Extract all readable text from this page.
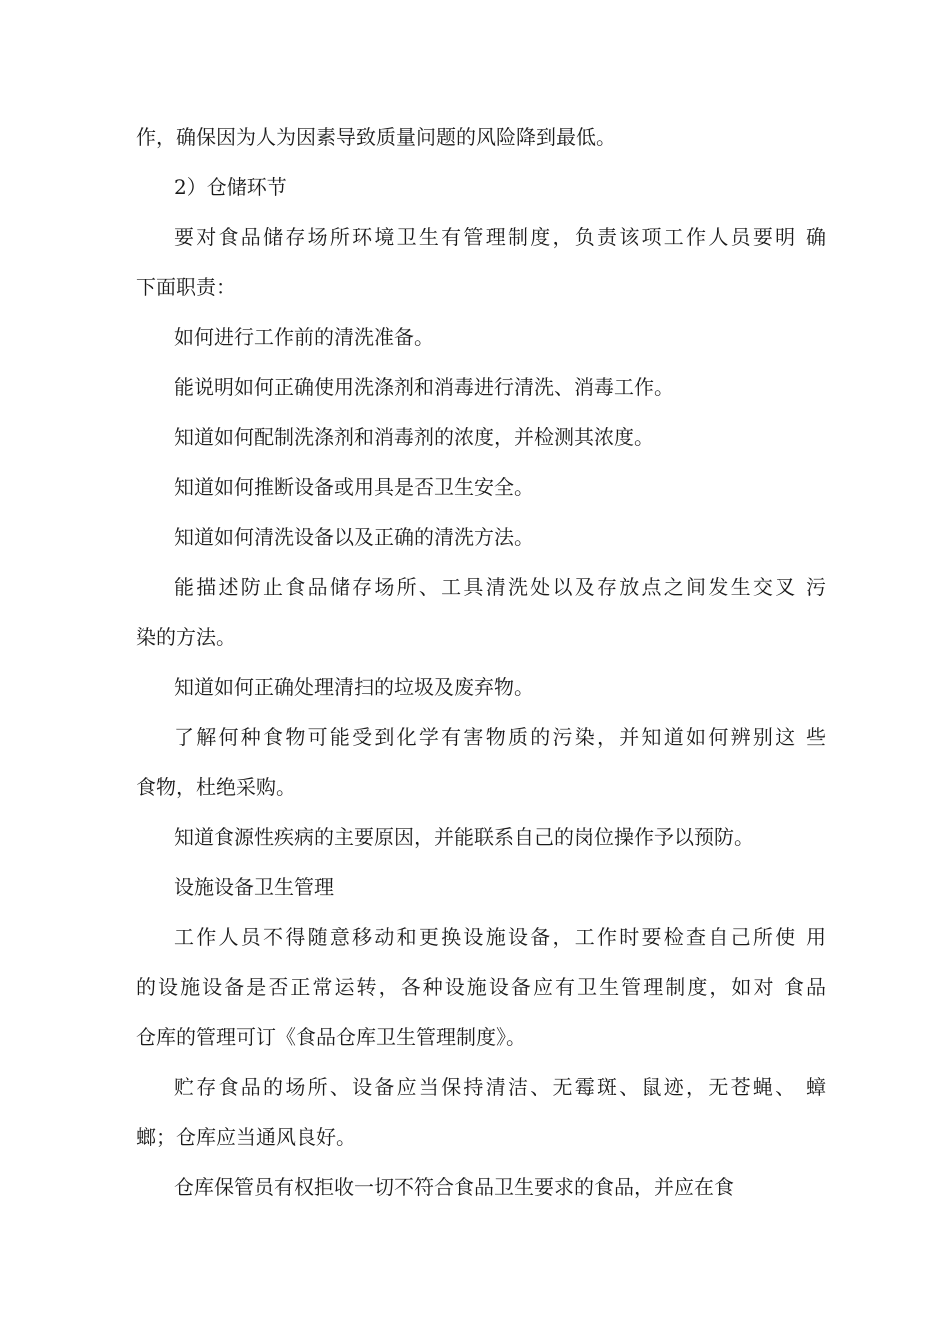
作，确保因为人为因素导致质量问题的风险降到最低。
2）仓储环节
要对食品储存场所环境卫生有管理制度，负责该项工作人员要明 确
下面职责：
如何进行工作前的清洗准备。
能说明如何正确使用洗涤剂和消毒进行清洗、消毒工作。
知道如何配制洗涤剂和消毒剂的浓度，并检测其浓度。
知道如何推断设备或用具是否卫生安全。
知道如何清洗设备以及正确的清洗方法。
能描述防止食品储存场所、工具清洗处以及存放点之间发生交叉 污
染的方法。
知道如何正确处理清扫的垃圾及废弃物。
了解何种食物可能受到化学有害物质的污染，并知道如何辨别这 些
食物，杜绝采购。
知道食源性疾病的主要原因，并能联系自己的岗位操作予以预防。
设施设备卫生管理
工作人员不得随意移动和更换设施设备，工作时要检查自己所使 用
的设施设备是否正常运转，各种设施设备应有卫生管理制度，如对 食品
仓库的管理可订《食品仓库卫生管理制度》。
贮存食品的场所、设备应当保持清洁、无霉斑、鼠迹，无苍蝇、 蟑
螂；仓库应当通风良好。
仓库保管员有权拒收一切不符合食品卫生要求的食品，并应在食
